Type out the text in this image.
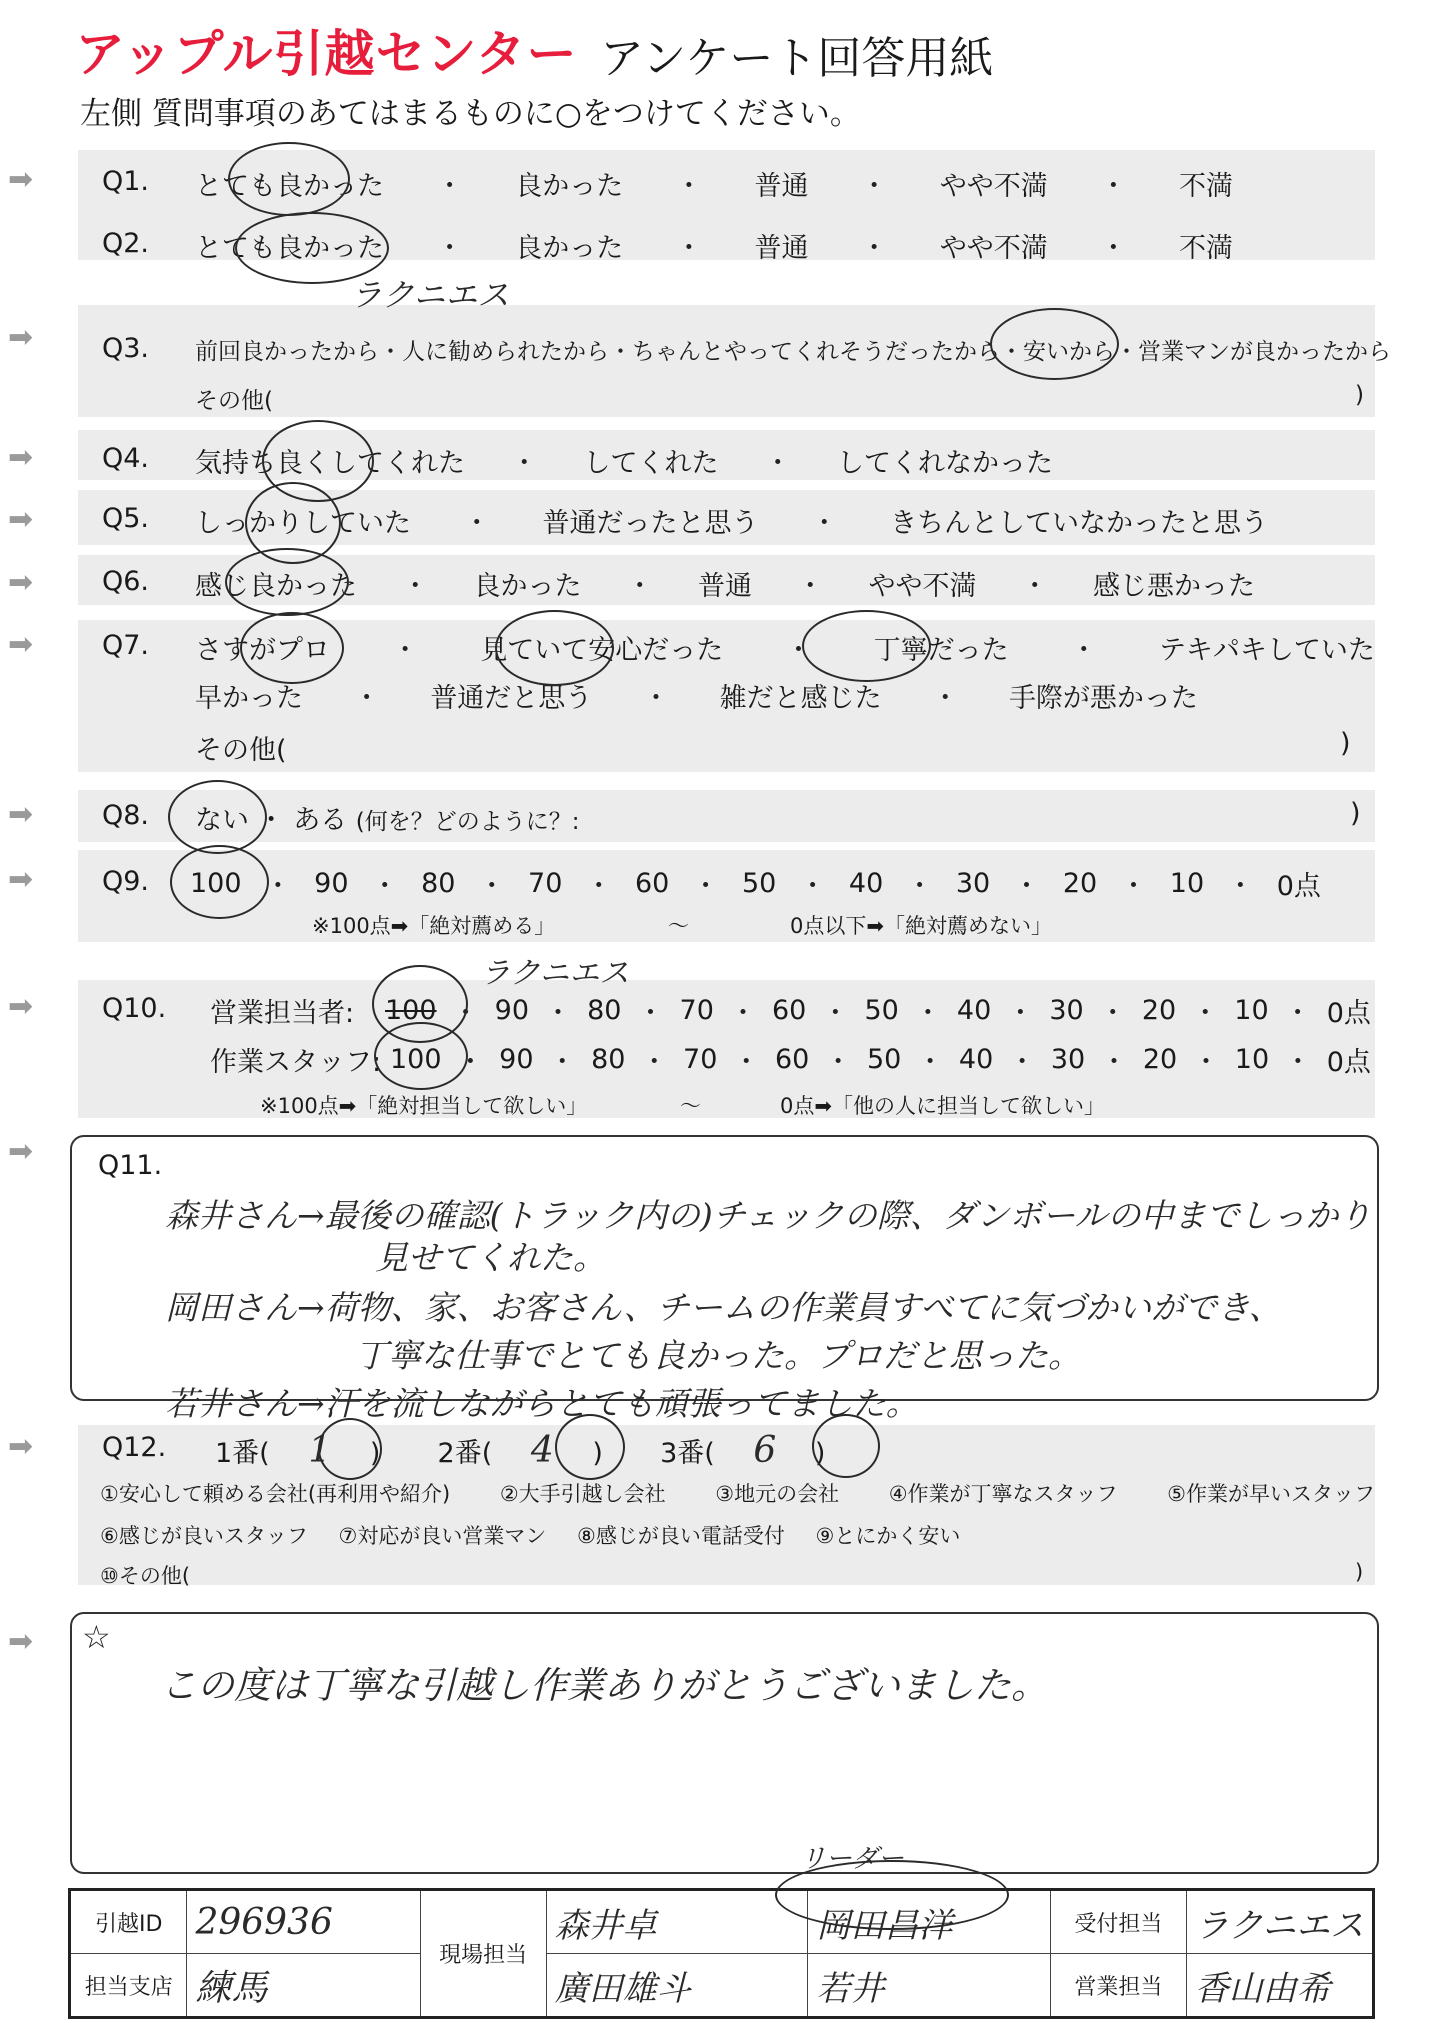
アップル引越センター アンケート回答用紙
左側 質問事項のあてはまるものに○をつけてください。
➡
➡
➡
➡
➡
➡
➡
➡
➡
➡
➡
➡
Q1. とても良かった ・ 良かった ・ 普通 ・ やや不満 ・ 不満
Q2. とても良かった ・ 良かった ・ 普通 ・ やや不満 ・ 不満
ラクニエス
Q3. 前回良かったから ・ 人に勧められたから ・ ちゃんとやってくれそうだったから ・ 安いから ・ 営業マンが良かったから
その他(	)
Q4. 気持ち良くしてくれた ・ してくれた ・ してくれなかった
Q5. しっかりしていた ・ 普通だったと思う ・ きちんとしていなかったと思う
Q6. 感じ良かった ・ 良かった ・ 普通 ・ やや不満 ・ 感じ悪かった
Q7. さすがプロ ・ 見ていて安心だった ・ 丁寧だった ・ テキパキしていた
早かった ・ 普通だと思う ・ 雑だと感じた ・ 手際が悪かった
その他(	)
Q8. ない ・ ある (何を？どのように？:	)
Q9. 100 ・ 90 ・ 80 ・ 70 ・ 60 ・ 50 ・ 40 ・ 30 ・ 20 ・ 10 ・ 0点
※100点➡「絶対薦める」	～	0点以下➡「絶対薦めない」
Q10.
ラクニエス
営業担当者: 100 ・ 90 ・ 80 ・ 70 ・ 60 ・ 50 ・ 40 ・ 30 ・ 20 ・ 10 ・ 0点
作業スタッフ: 100 ・ 90 ・ 80 ・ 70 ・ 60 ・ 50 ・ 40 ・ 30 ・ 20 ・ 10 ・ 0点
※100点➡「絶対担当して欲しい」	～	0点➡「他の人に担当して欲しい」
Q11.
森井さん→最後の確認(トラック内の)チェックの際、ダンボールの中までしっかり
見せてくれた。
岡田さん→荷物、家、お客さん、チームの作業員すべてに気づかいができ、
丁寧な仕事でとても良かった。プロだと思った。
若井さん→汗を流しながらとても頑張ってました。
Q12. 1番( 1 ) 2番( 4 ) 3番( 6 )
①安心して頼める会社(再利用や紹介) ②大手引越し会社 ③地元の会社 ④作業が丁寧なスタッフ ⑤作業が早いスタッフ
⑥感じが良いスタッフ ⑦対応が良い営業マン ⑧感じが良い電話受付 ⑨とにかく安い
⑩その他(	)
☆
この度は丁寧な引越し作業ありがとうございました。
リーダー
引越ID	296936	現場担当	森井卓	岡田昌洋	受付担当	ラクニエス
担当支店	練馬		廣田雄斗	若井	営業担当	香山由希
